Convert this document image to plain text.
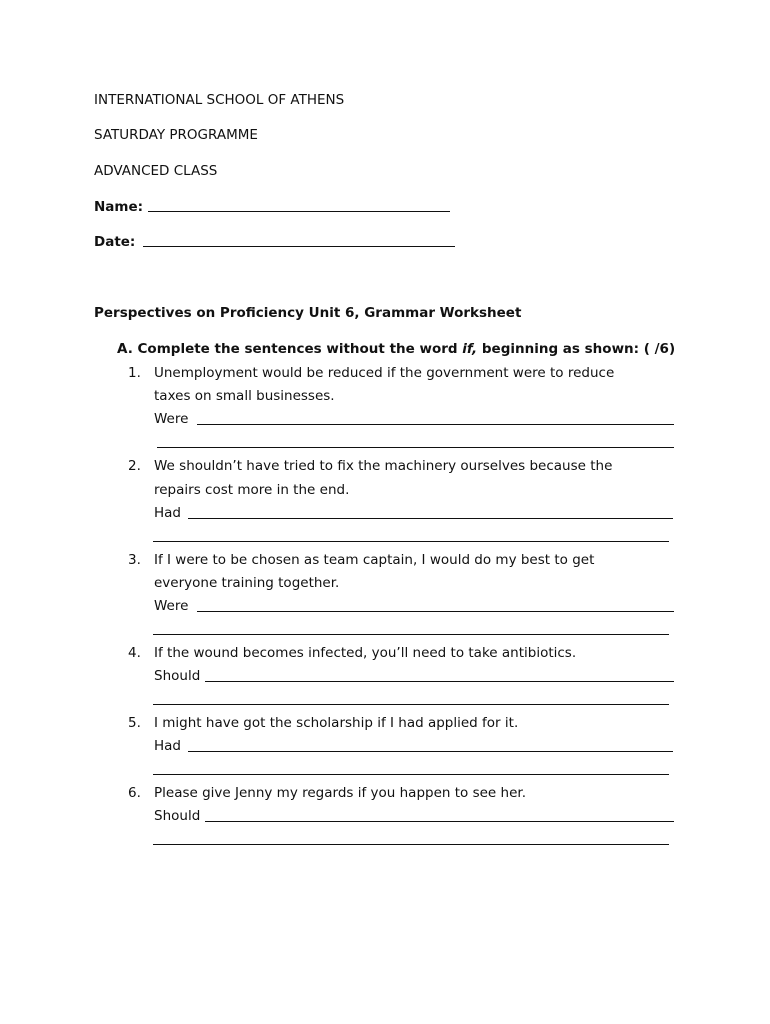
INTERNATIONAL SCHOOL OF ATHENS
SATURDAY PROGRAMME
ADVANCED CLASS
Name:
Date:
Perspectives on Proficiency Unit 6, Grammar Worksheet
A. Complete the sentences without the word if, beginning as shown: ( /6)
1. Unemployment would be reduced if the government were to reduce
taxes on small businesses.
Were
2. We shouldn’t have tried to fix the machinery ourselves because the
repairs cost more in the end.
Had
3. If I were to be chosen as team captain, I would do my best to get
everyone training together.
Were
4. If the wound becomes infected, you’ll need to take antibiotics.
Should
5. I might have got the scholarship if I had applied for it.
Had
6. Please give Jenny my regards if you happen to see her.
Should
